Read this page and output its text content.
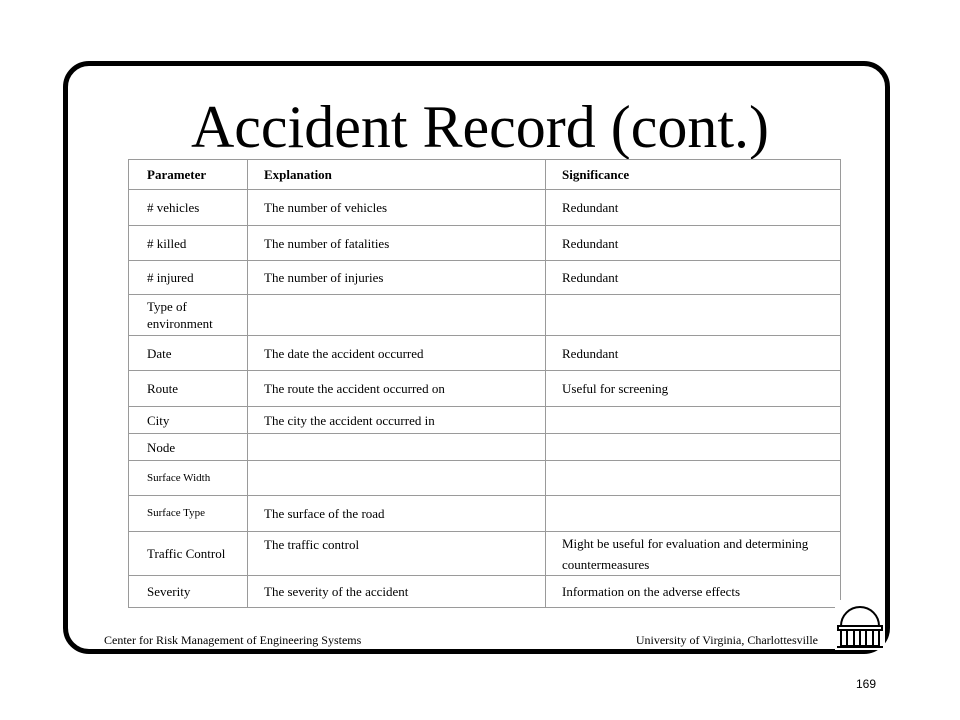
Accident Record (cont.)
Parameter	Explanation	Significance
# vehicles	The number of vehicles	Redundant
# killed	The number of fatalities	Redundant
# injured	The number of injuries	Redundant
Type of environment		
Date	The date the accident occurred	Redundant
Route	The route the accident occurred on	Useful for screening
City	The city the accident occurred in	
Node		
Surface Width		
Surface Type	The surface of the road	
Traffic Control	The traffic control	Might be useful for evaluation and determining countermeasures
Severity	The severity of the accident	Information on the adverse effects
Center for Risk Management of Engineering Systems	University of Virginia, Charlottesville
169
